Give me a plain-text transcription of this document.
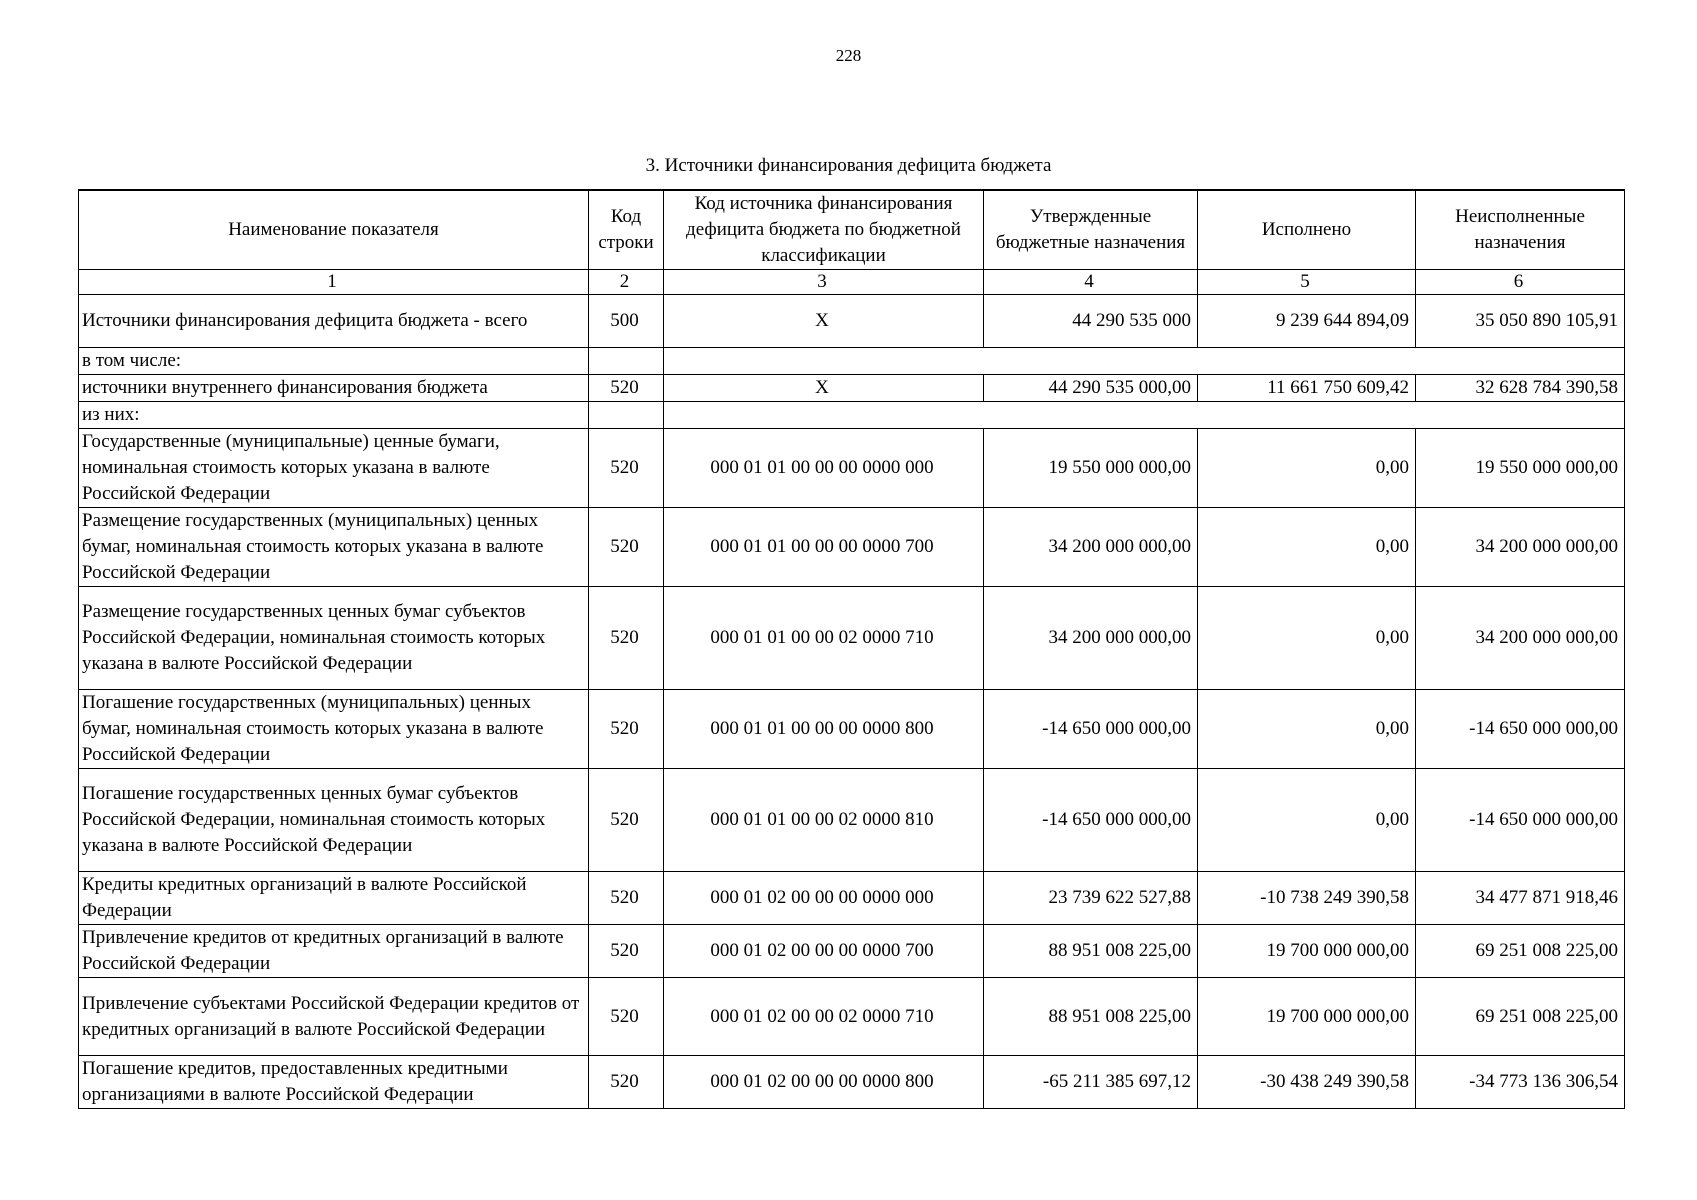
228
3. Источники финансирования дефицита бюджета
Наименование показателя	Код строки	Код источника финансирования дефицита бюджета по бюджетной классификации	Утвержденные бюджетные назначения	Исполнено	Неисполненные назначения
1	2	3	4	5	6
Источники финансирования дефицита бюджета - всего	500	X	44 290 535 000	9 239 644 894,09	35 050 890 105,91
в том числе:					
источники внутреннего финансирования бюджета	520	X	44 290 535 000,00	11 661 750 609,42	32 628 784 390,58
из них:					
Государственные (муниципальные) ценные бумаги, номинальная стоимость которых указана в валюте Российской Федерации	520	000 01 01 00 00 00 0000 000	19 550 000 000,00	0,00	19 550 000 000,00
Размещение государственных (муниципальных) ценных бумаг, номинальная стоимость которых указана в валюте Российской Федерации	520	000 01 01 00 00 00 0000 700	34 200 000 000,00	0,00	34 200 000 000,00
Размещение государственных ценных бумаг субъектов Российской Федерации, номинальная стоимость которых указана в валюте Российской Федерации	520	000 01 01 00 00 02 0000 710	34 200 000 000,00	0,00	34 200 000 000,00
Погашение государственных (муниципальных) ценных бумаг, номинальная стоимость которых указана в валюте Российской Федерации	520	000 01 01 00 00 00 0000 800	-14 650 000 000,00	0,00	-14 650 000 000,00
Погашение государственных ценных бумаг субъектов Российской Федерации, номинальная стоимость которых указана в валюте Российской Федерации	520	000 01 01 00 00 02 0000 810	-14 650 000 000,00	0,00	-14 650 000 000,00
Кредиты кредитных организаций в валюте Российской Федерации	520	000 01 02 00 00 00 0000 000	23 739 622 527,88	-10 738 249 390,58	34 477 871 918,46
Привлечение кредитов от кредитных организаций в валюте Российской Федерации	520	000 01 02 00 00 00 0000 700	88 951 008 225,00	19 700 000 000,00	69 251 008 225,00
Привлечение субъектами Российской Федерации кредитов от кредитных организаций в валюте Российской Федерации	520	000 01 02 00 00 02 0000 710	88 951 008 225,00	19 700 000 000,00	69 251 008 225,00
Погашение кредитов, предоставленных кредитными организациями в валюте Российской Федерации	520	000 01 02 00 00 00 0000 800	-65 211 385 697,12	-30 438 249 390,58	-34 773 136 306,54
